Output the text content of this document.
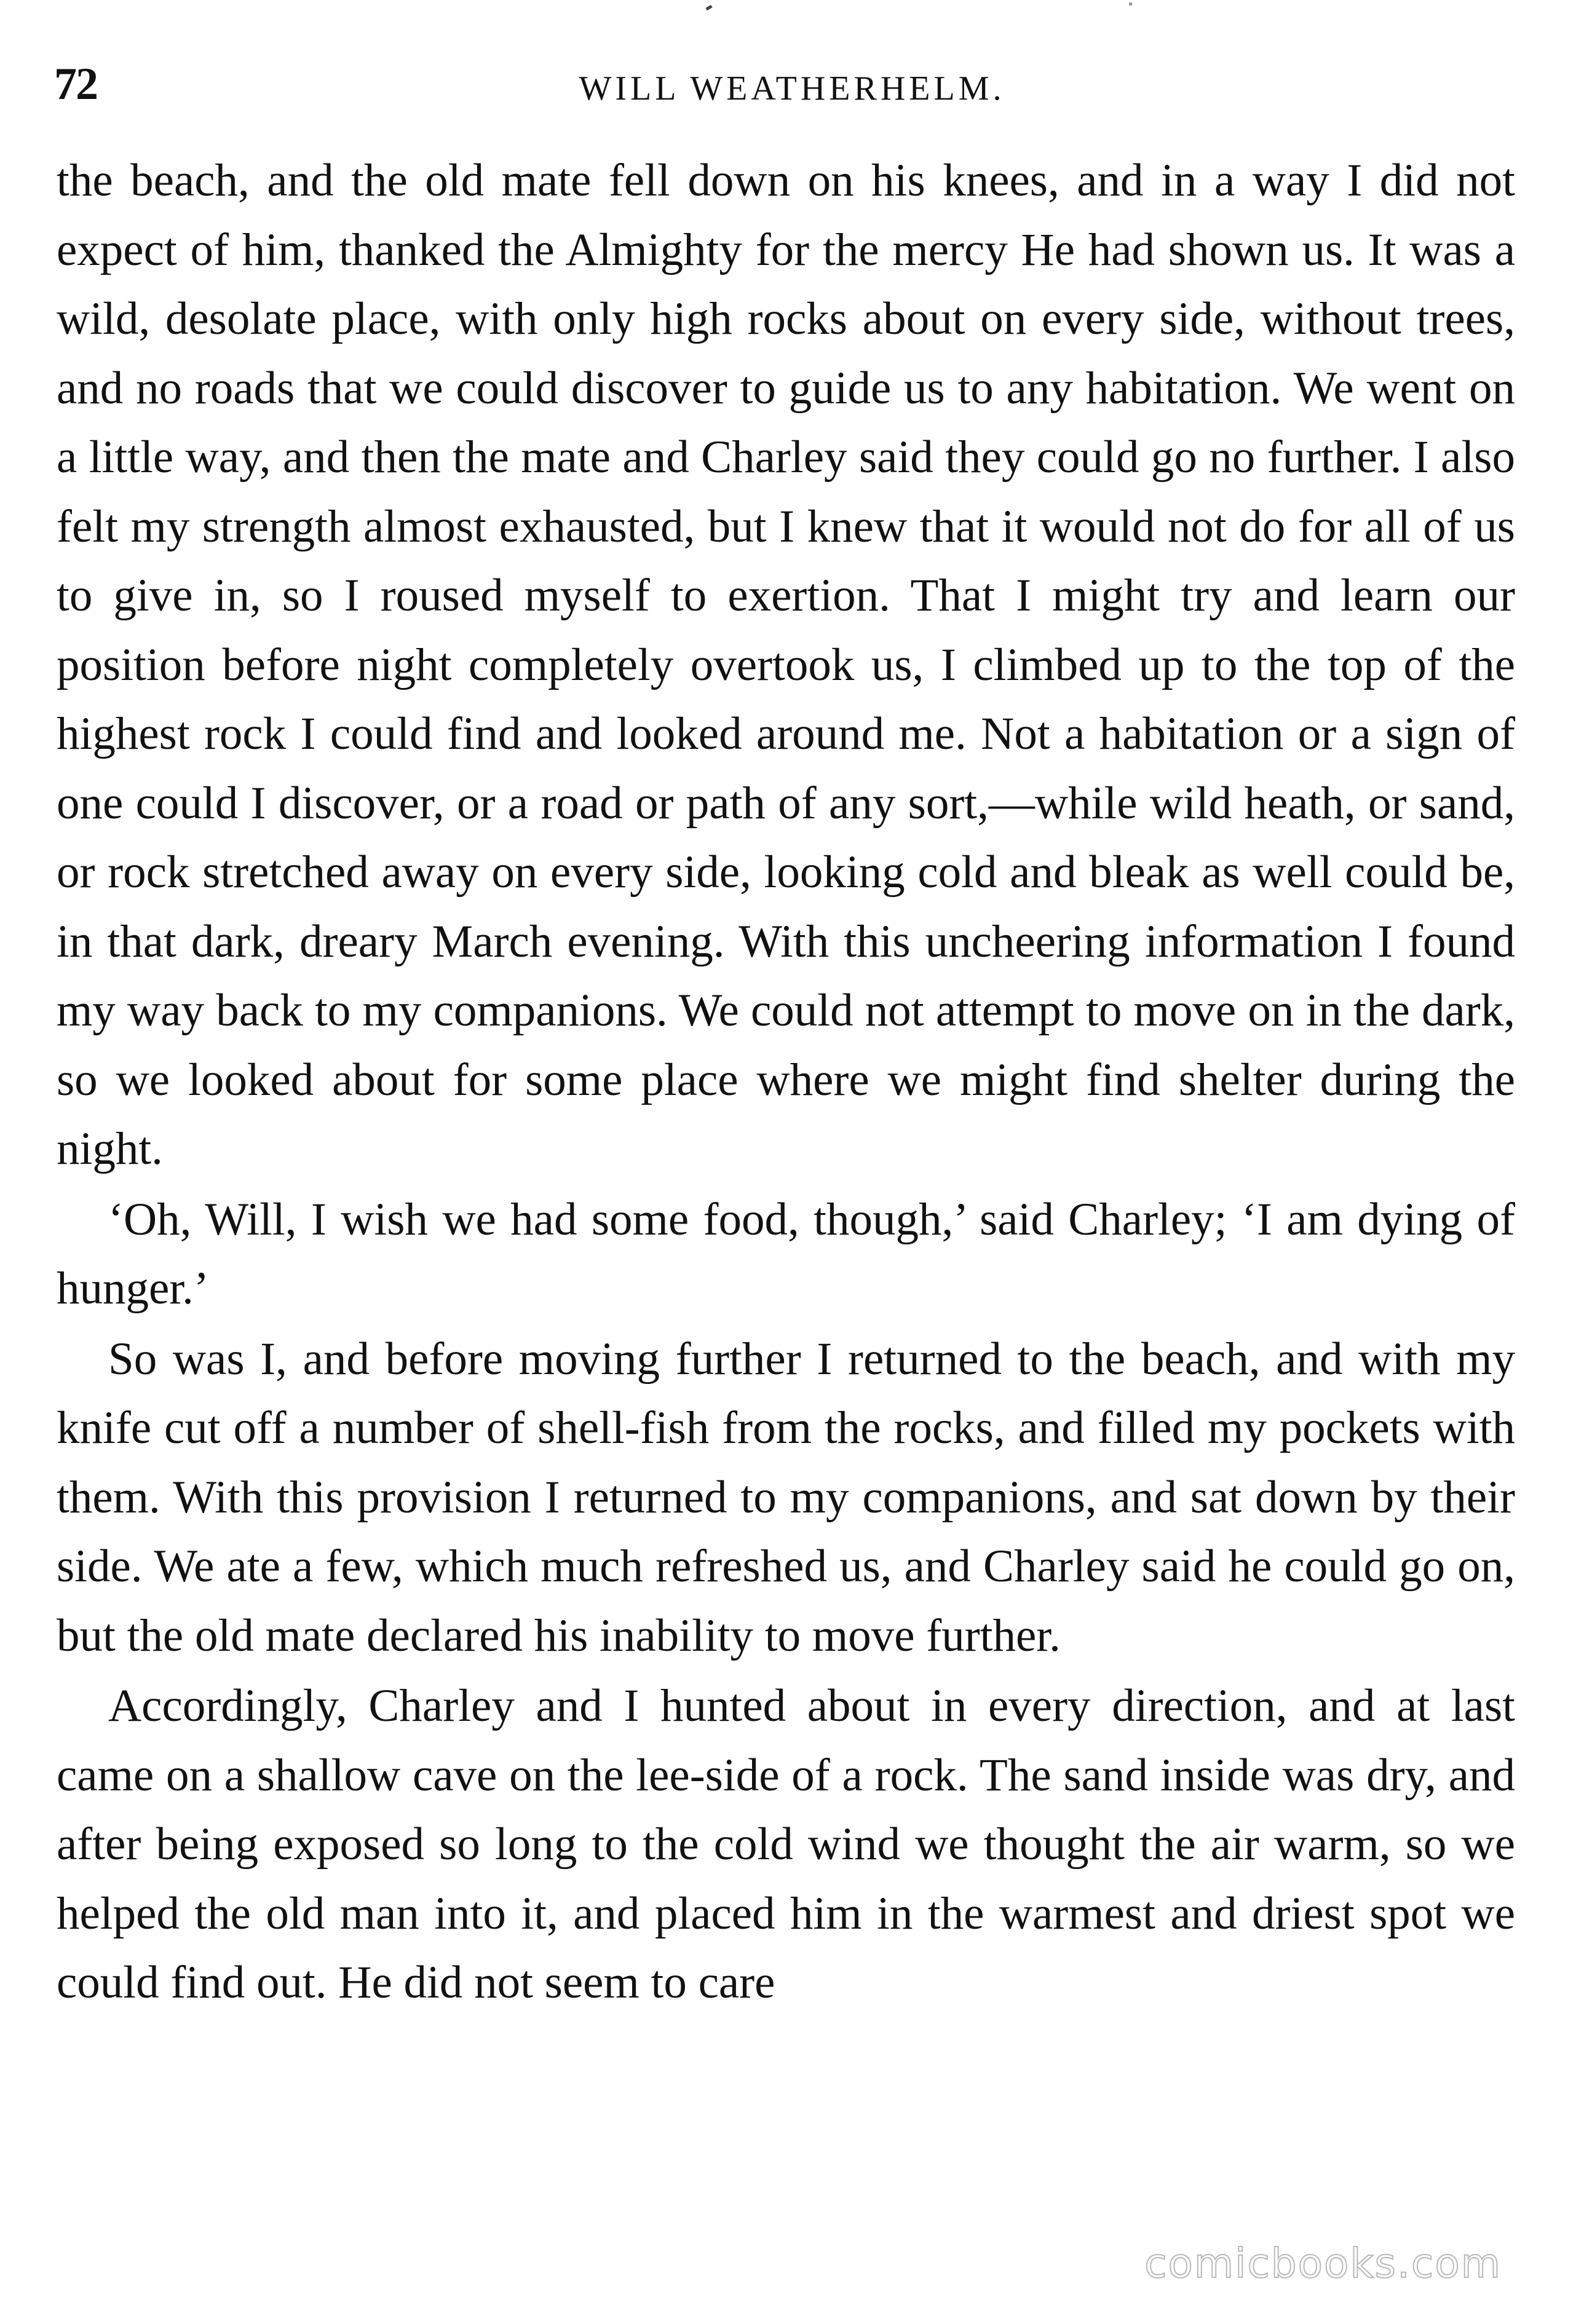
72	WILL WEATHERHELM.

the beach, and the old mate fell down on his knees, and in a way I did not expect of him, thanked the Almighty for the mercy He had shown us. It was a wild, desolate place, with only high rocks about on every side, without trees, and no roads that we could discover to guide us to any habitation. We went on a little way, and then the mate and Charley said they could go no further. I also felt my strength almost exhausted, but I knew that it would not do for all of us to give in, so I roused myself to exertion. That I might try and learn our position before night completely overtook us, I climbed up to the top of the highest rock I could find and looked around me. Not a habitation or a sign of one could I discover, or a road or path of any sort,—while wild heath, or sand, or rock stretched away on every side, looking cold and bleak as well could be, in that dark, dreary March evening. With this uncheering information I found my way back to my companions. We could not attempt to move on in the dark, so we looked about for some place where we might find shelter during the night.

‘Oh, Will, I wish we had some food, though,’ said Charley; ‘I am dying of hunger.’

So was I, and before moving further I returned to the beach, and with my knife cut off a number of shell-fish from the rocks, and filled my pockets with them. With this provision I returned to my companions, and sat down by their side. We ate a few, which much refreshed us, and Charley said he could go on, but the old mate declared his inability to move further.

Accordingly, Charley and I hunted about in every direction, and at last came on a shallow cave on the lee-side of a rock. The sand inside was dry, and after being exposed so long to the cold wind we thought the air warm, so we helped the old man into it, and placed him in the warmest and driest spot we could find out. He did not seem to care

comicbooks.com
